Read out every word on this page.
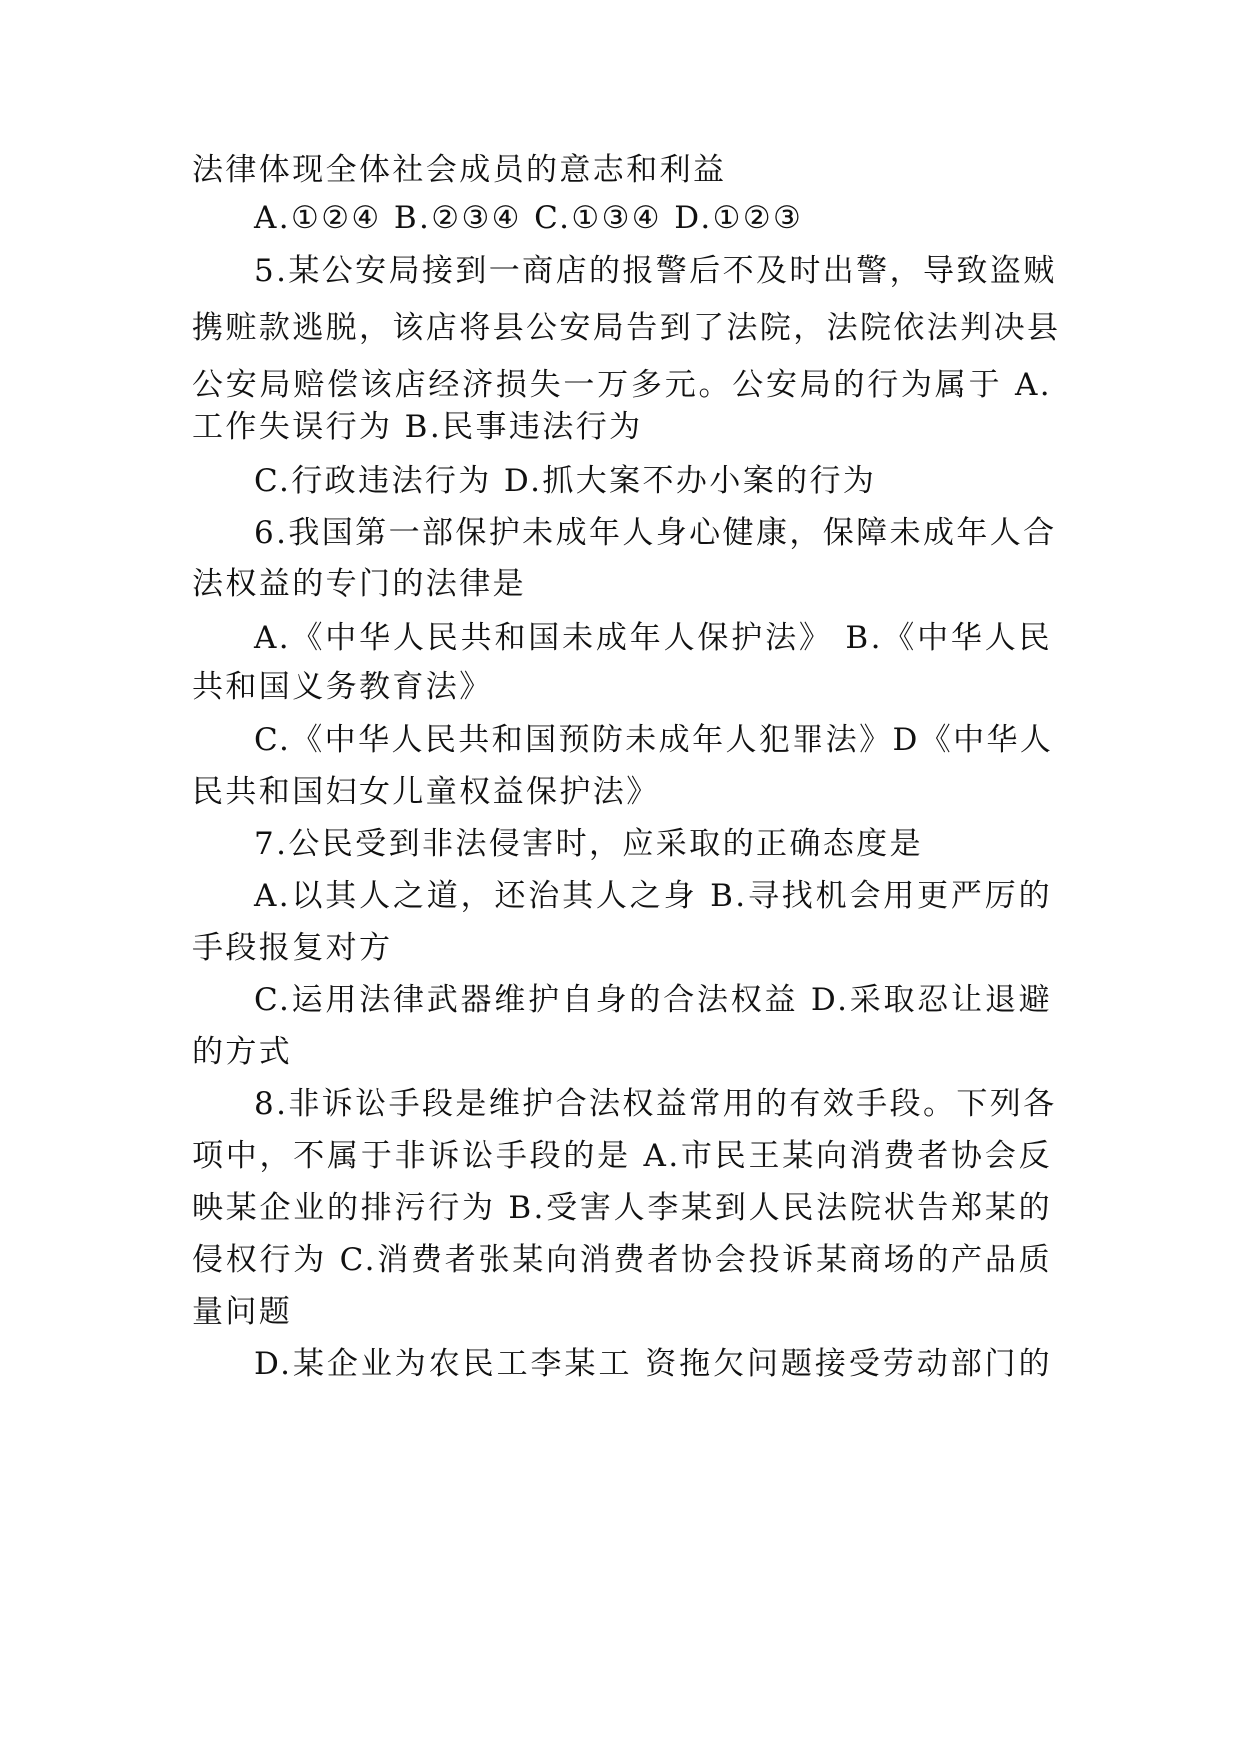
法律体现全体社会成员的意志和利益
A.①②④ B.②③④ C.①③④ D.①②③
5.某公安局接到一商店的报警后不及时出警，导致盗贼
携赃款逃脱，该店将县公安局告到了法院，法院依法判决县
公安局赔偿该店经济损失一万多元。公安局的行为属于 A.
工作失误行为 B.民事违法行为
C.行政违法行为 D.抓大案不办小案的行为
6.我国第一部保护未成年人身心健康，保障未成年人合
法权益的专门的法律是
A.《中华人民共和国未成年人保护法》 B.《中华人民
共和国义务教育法》
C.《中华人民共和国预防未成年人犯罪法》D《中华人
民共和国妇女儿童权益保护法》
7.公民受到非法侵害时，应采取的正确态度是
A.以其人之道，还治其人之身 B.寻找机会用更严厉的
手段报复对方
C.运用法律武器维护自身的合法权益 D.采取忍让退避
的方式
8.非诉讼手段是维护合法权益常用的有效手段。下列各
项中，不属于非诉讼手段的是 A.市民王某向消费者协会反
映某企业的排污行为 B.受害人李某到人民法院状告郑某的
侵权行为 C.消费者张某向消费者协会投诉某商场的产品质
量问题
D.某企业为农民工李某工 资拖欠问题接受劳动部门的
